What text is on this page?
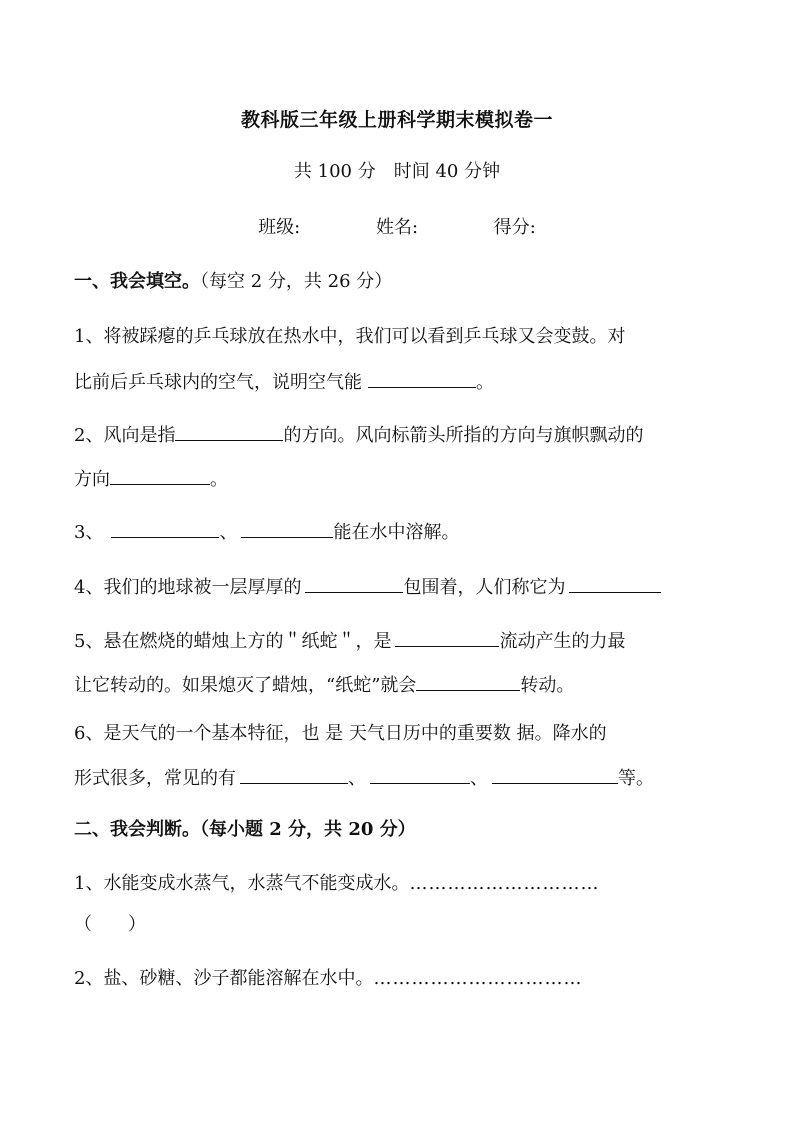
教科版三年级上册科学期末模拟卷一
共 100 分　时间 40 分钟
班级:	姓名:	得分:
一、我会填空。（每空 2 分，共 26 分）
1、将被踩瘪的乒乓球放在热水中，我们可以看到乒乓球又会变鼓。对
比前后乒乓球内的空气，说明空气能	。
2、风向是指	的方向。风向标箭头所指的方向与旗帜飘动的
方向	。
3、	、	能在水中溶解。
4、我们的地球被一层厚厚的	包围着，人们称它为
5、悬在燃烧的蜡烛上方的＂纸蛇＂，是	流动产生的力最
让它转动的。如果熄灭了蜡烛，“纸蛇”就会	转动。
6、是天气的一个基本特征，也 是 天气日历中的重要数 据。降水的
形式很多，常见的有	、	、	等。
二、我会判断。（每小题 2 分，共 20 分）
1、水能变成水蒸气，水蒸气不能变成水。…………………………
（　　）
2、盐、砂糖、沙子都能溶解在水中。……………………………
